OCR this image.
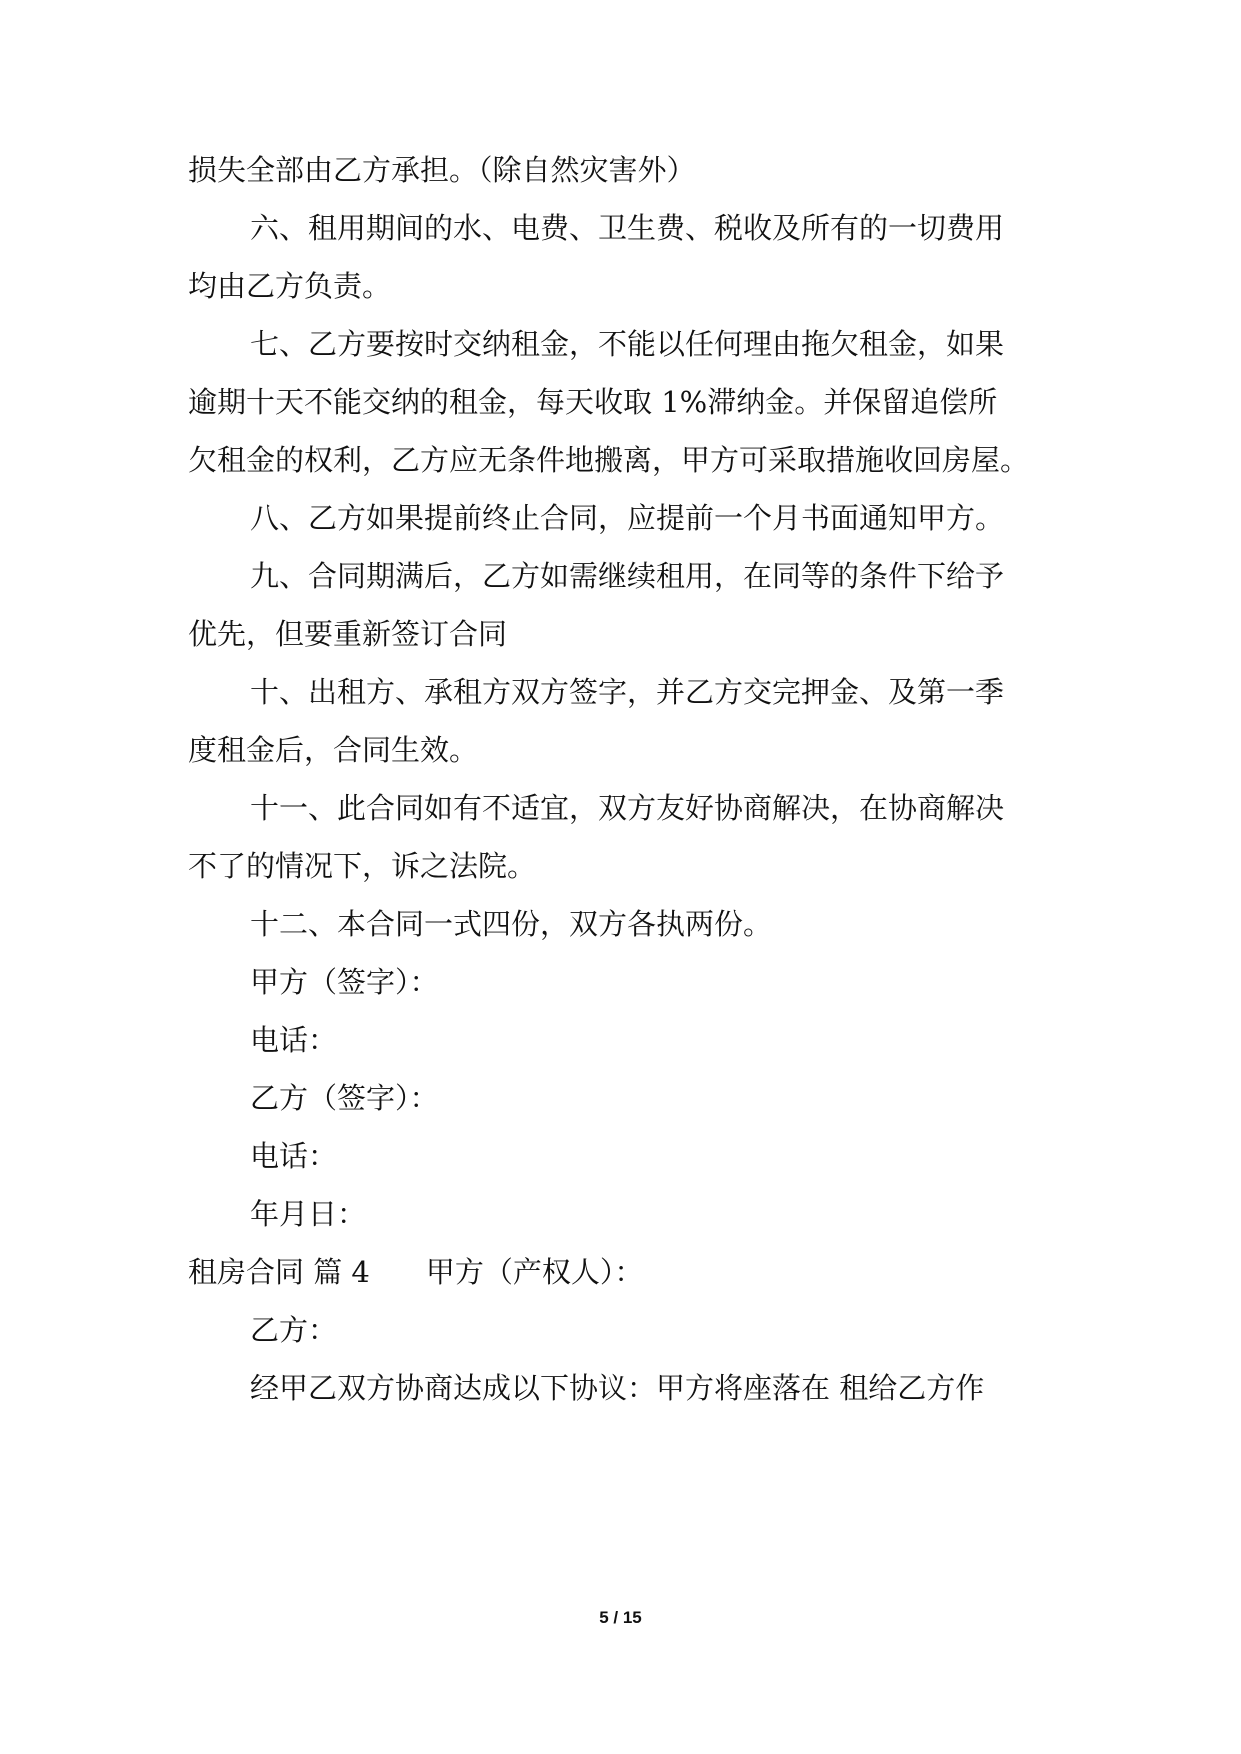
损失全部由乙方承担。（除自然灾害外）
六、租用期间的水、电费、卫生费、税收及所有的一切费用
均由乙方负责。
七、乙方要按时交纳租金，不能以任何理由拖欠租金，如果
逾期十天不能交纳的租金，每天收取 1%滞纳金。并保留追偿所
欠租金的权利，乙方应无条件地搬离，甲方可采取措施收回房屋。
八、乙方如果提前终止合同，应提前一个月书面通知甲方。
九、合同期满后，乙方如需继续租用，在同等的条件下给予
优先，但要重新签订合同
十、出租方、承租方双方签字，并乙方交完押金、及第一季
度租金后，合同生效。
十一、此合同如有不适宜，双方友好协商解决，在协商解决
不了的情况下，诉之法院。
十二、本合同一式四份，双方各执两份。
甲方（签字）：
电话：
乙方（签字）：
电话：
年月日：
租房合同 篇 4 甲方（产权人）：
乙方：
经甲乙双方协商达成以下协议：甲方将座落在 租给乙方作
5 / 15
